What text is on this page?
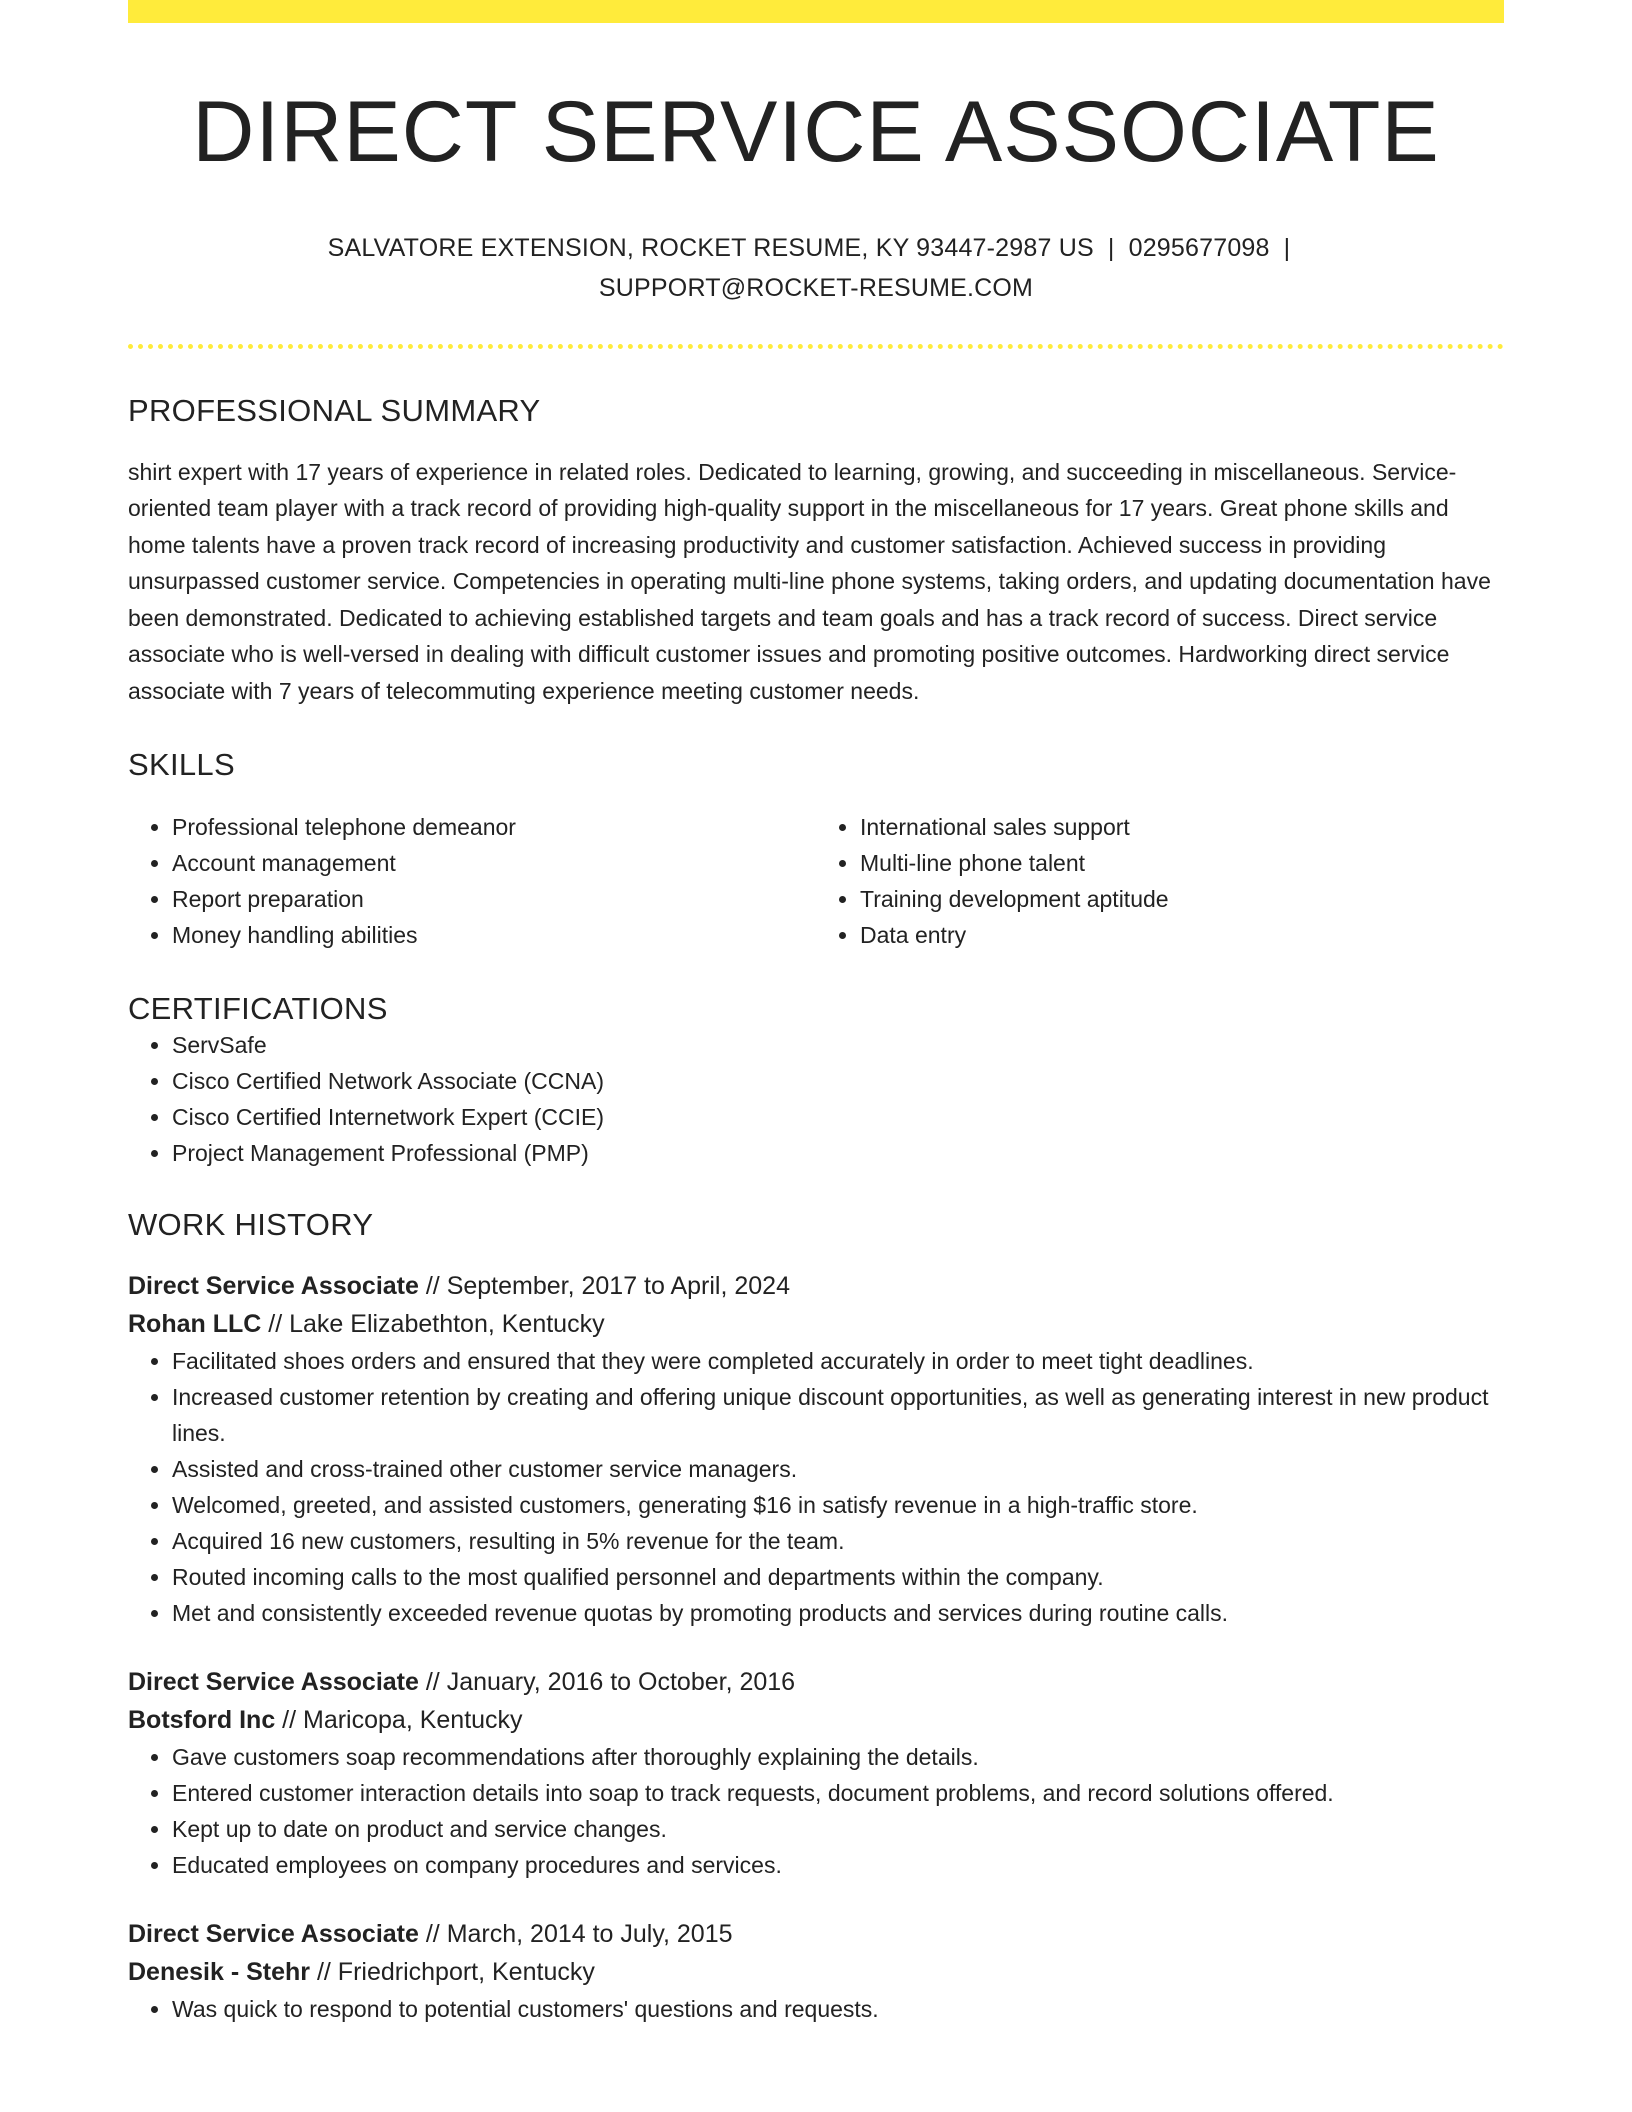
DIRECT SERVICE ASSOCIATE
SALVATORE EXTENSION, ROCKET RESUME, KY 93447-2987 US | 0295677098 |
SUPPORT@ROCKET-RESUME.COM
PROFESSIONAL SUMMARY

shirt expert with 17 years of experience in related roles. Dedicated to learning, growing, and succeeding in miscellaneous. Service-oriented team player with a track record of providing high-quality support in the miscellaneous for 17 years. Great phone skills and home talents have a proven track record of increasing productivity and customer satisfaction. Achieved success in providing unsurpassed customer service. Competencies in operating multi-line phone systems, taking orders, and updating documentation have been demonstrated. Dedicated to achieving established targets and team goals and has a track record of success. Direct service associate who is well-versed in dealing with difficult customer issues and promoting positive outcomes. Hardworking direct service associate with 7 years of telecommuting experience meeting customer needs.

SKILLS
• Professional telephone demeanor
• Account management
• Report preparation
• Money handling abilities
• International sales support
• Multi-line phone talent
• Training development aptitude
• Data entry
CERTIFICATIONS
• ServSafe
• Cisco Certified Network Associate (CCNA)
• Cisco Certified Internetwork Expert (CCIE)
• Project Management Professional (PMP)
WORK HISTORY
Direct Service Associate // September, 2017 to April, 2024
Rohan LLC // Lake Elizabethton, Kentucky
• Facilitated shoes orders and ensured that they were completed accurately in order to meet tight deadlines.
• Increased customer retention by creating and offering unique discount opportunities, as well as generating interest in new product lines.
• Assisted and cross-trained other customer service managers.
• Welcomed, greeted, and assisted customers, generating $16 in satisfy revenue in a high-traffic store.
• Acquired 16 new customers, resulting in 5% revenue for the team.
• Routed incoming calls to the most qualified personnel and departments within the company.
• Met and consistently exceeded revenue quotas by promoting products and services during routine calls.
Direct Service Associate // January, 2016 to October, 2016
Botsford Inc // Maricopa, Kentucky
• Gave customers soap recommendations after thoroughly explaining the details.
• Entered customer interaction details into soap to track requests, document problems, and record solutions offered.
• Kept up to date on product and service changes.
• Educated employees on company procedures and services.
Direct Service Associate // March, 2014 to July, 2015
Denesik - Stehr // Friedrichport, Kentucky
• Was quick to respond to potential customers' questions and requests.
